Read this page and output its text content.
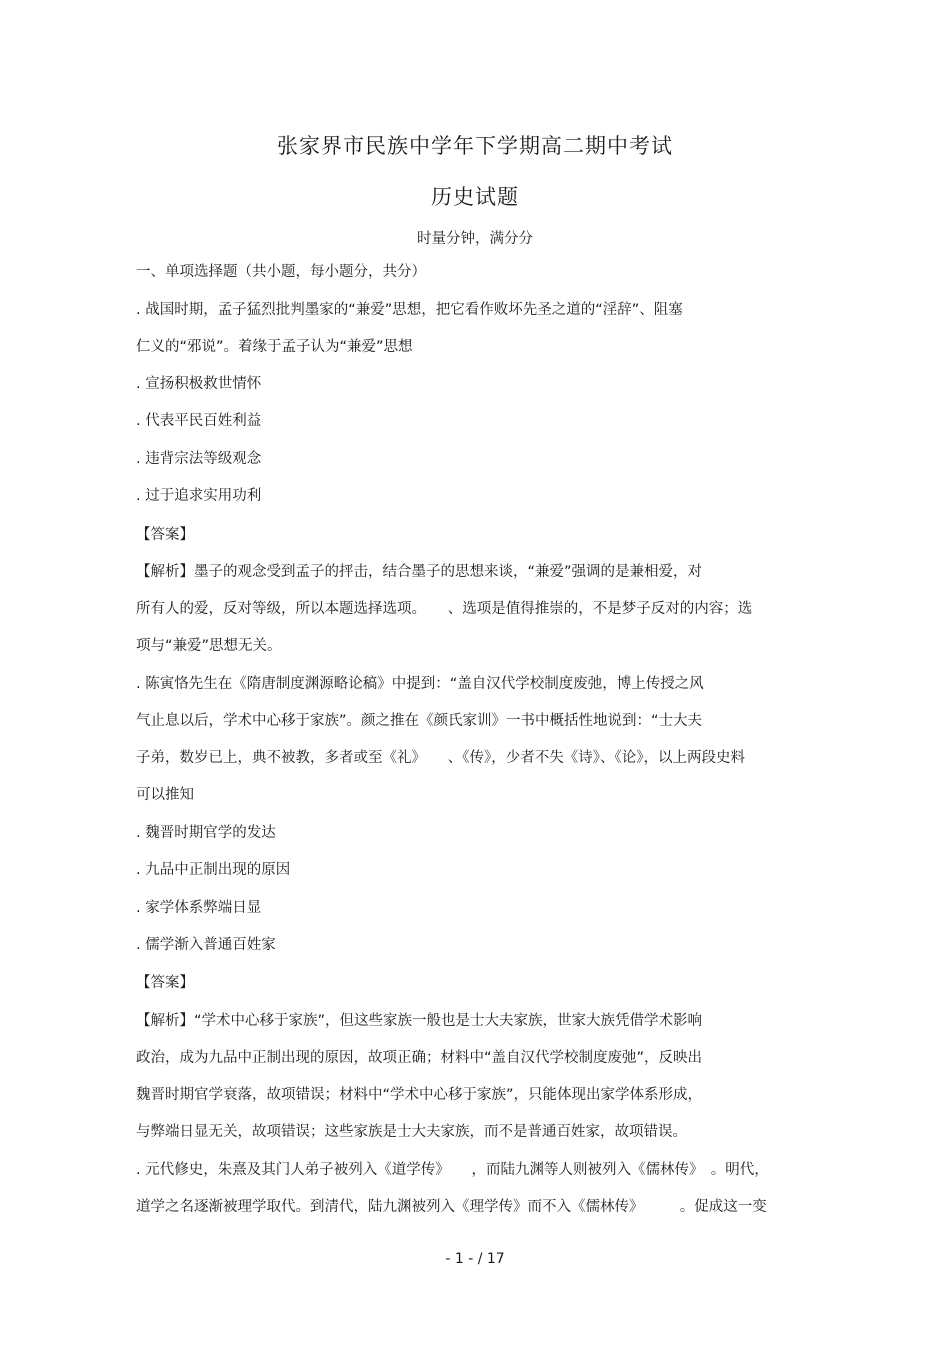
张家界市民族中学年下学期高二期中考试
历史试题
时量分钟，满分分
一、单项选择题（共小题，每小题分，共分）
. 战国时期，孟子猛烈批判墨家的“兼爱”思想，把它看作败坏先圣之道的“淫辞”、阻塞
仁义的“邪说”。着缘于孟子认为“兼爱”思想
. 宣扬积极救世情怀
. 代表平民百姓利益
. 违背宗法等级观念
. 过于追求实用功利
【答案】
【解析】墨子的观念受到孟子的抨击，结合墨子的思想来谈，“兼爱”强调的是兼相爱，对
所有人的爱，反对等级，所以本题选择选项。　　、选项是值得推崇的，不是梦子反对的内容；选
项与“兼爱”思想无关。
. 陈寅恪先生在《隋唐制度渊源略论稿》中提到：“盖自汉代学校制度废弛，博上传授之风
气止息以后，学术中心移于家族”。颜之推在《颜氏家训》一书中概括性地说到：“士大夫
子弟，数岁已上，典不被教，多者或至《礼》　　、《传》，少者不失《诗》、《论》，以上两段史料
可以推知
. 魏晋时期官学的发达
. 九品中正制出现的原因
. 家学体系弊端日显
. 儒学渐入普通百姓家
【答案】
【解析】“学术中心移于家族”，但这些家族一般也是士大夫家族，世家大族凭借学术影响
政治，成为九品中正制出现的原因，故项正确；材料中“盖自汉代学校制度废弛”，反映出
魏晋时期官学衰落，故项错误；材料中“学术中心移于家族”，只能体现出家学体系形成，
与弊端日显无关，故项错误；这些家族是士大夫家族，而不是普通百姓家，故项错误。
. 元代修史，朱熹及其门人弟子被列入《道学传》　　，而陆九渊等人则被列入《儒林传》　。明代，
道学之名逐渐被理学取代。到清代，陆九渊被列入《理学传》而不入《儒林传》　　　。促成这一变
- 1 - / 17
